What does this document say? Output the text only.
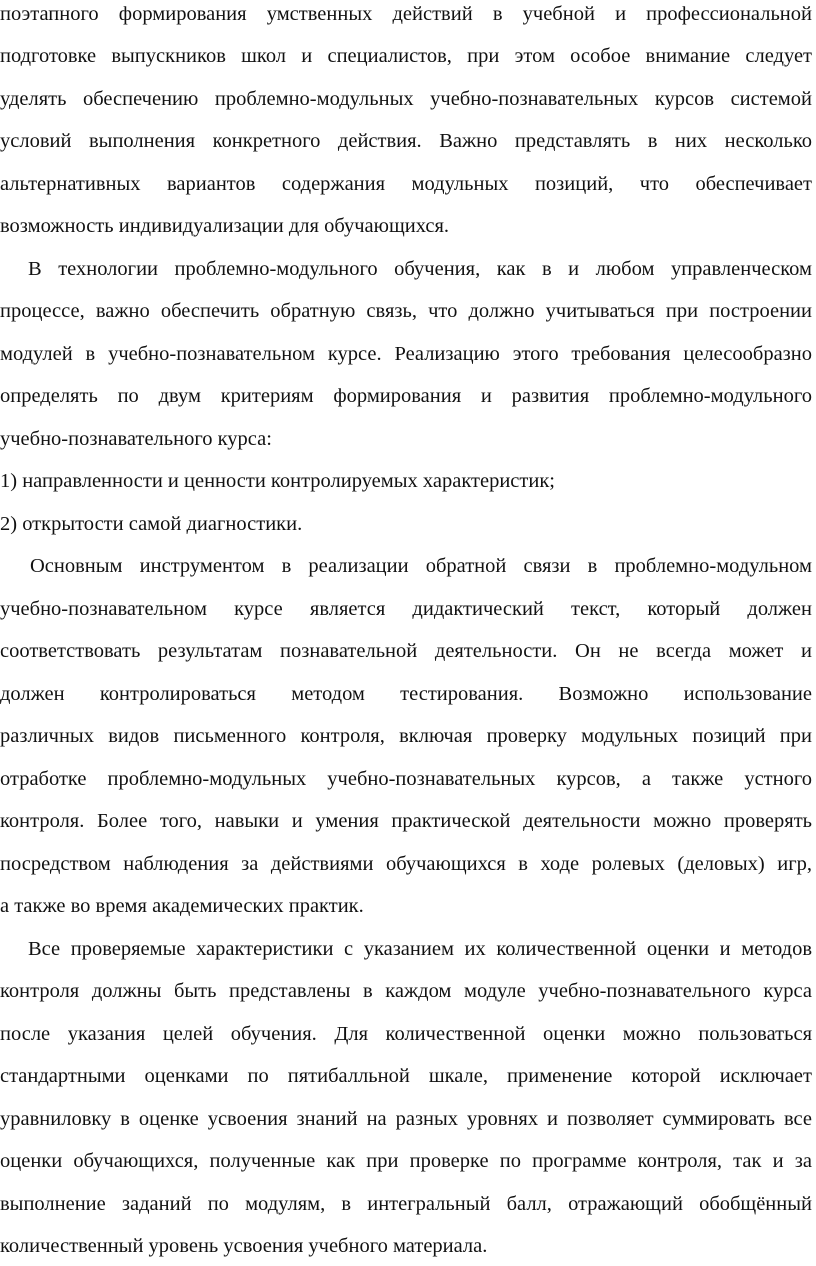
поэтапного формирования умственных действий в учебной и профессиональной
подготовке выпускников школ и специалистов, при этом особое внимание следует
уделять обеспечению проблемно-модульных учебно-познавательных курсов системой
условий выполнения конкретного действия. Важно представлять в них несколько
альтернативных вариантов содержания модульных позиций, что обеспечивает
возможность индивидуализации для обучающихся.
В технологии проблемно-модульного обучения, как в и любом управленческом
процессе, важно обеспечить обратную связь, что должно учитываться при построении
модулей в учебно-познавательном курсе. Реализацию этого требования целесообразно
определять по двум критериям формирования и развития проблемно-модульного
учебно-познавательного курса:
1) направленности и ценности контролируемых характеристик;
2) открытости самой диагностики.
Основным инструментом в реализации обратной связи в проблемно-модульном
учебно-познавательном курсе является дидактический текст, который должен
соответствовать результатам познавательной деятельности. Он не всегда может и
должен контролироваться методом тестирования. Возможно использование
различных видов письменного контроля, включая проверку модульных позиций при
отработке проблемно-модульных учебно-познавательных курсов, а также устного
контроля. Более того, навыки и умения практической деятельности можно проверять
посредством наблюдения за действиями обучающихся в ходе ролевых (деловых) игр,
а также во время академических практик.
Все проверяемые характеристики с указанием их количественной оценки и методов
контроля должны быть представлены в каждом модуле учебно-познавательного курса
после указания целей обучения. Для количественной оценки можно пользоваться
стандартными оценками по пятибалльной шкале, применение которой исключает
уравниловку в оценке усвоения знаний на разных уровнях и позволяет суммировать все
оценки обучающихся, полученные как при проверке по программе контроля, так и за
выполнение заданий по модулям, в интегральный балл, отражающий обобщённый
количественный уровень усвоения учебного материала.
